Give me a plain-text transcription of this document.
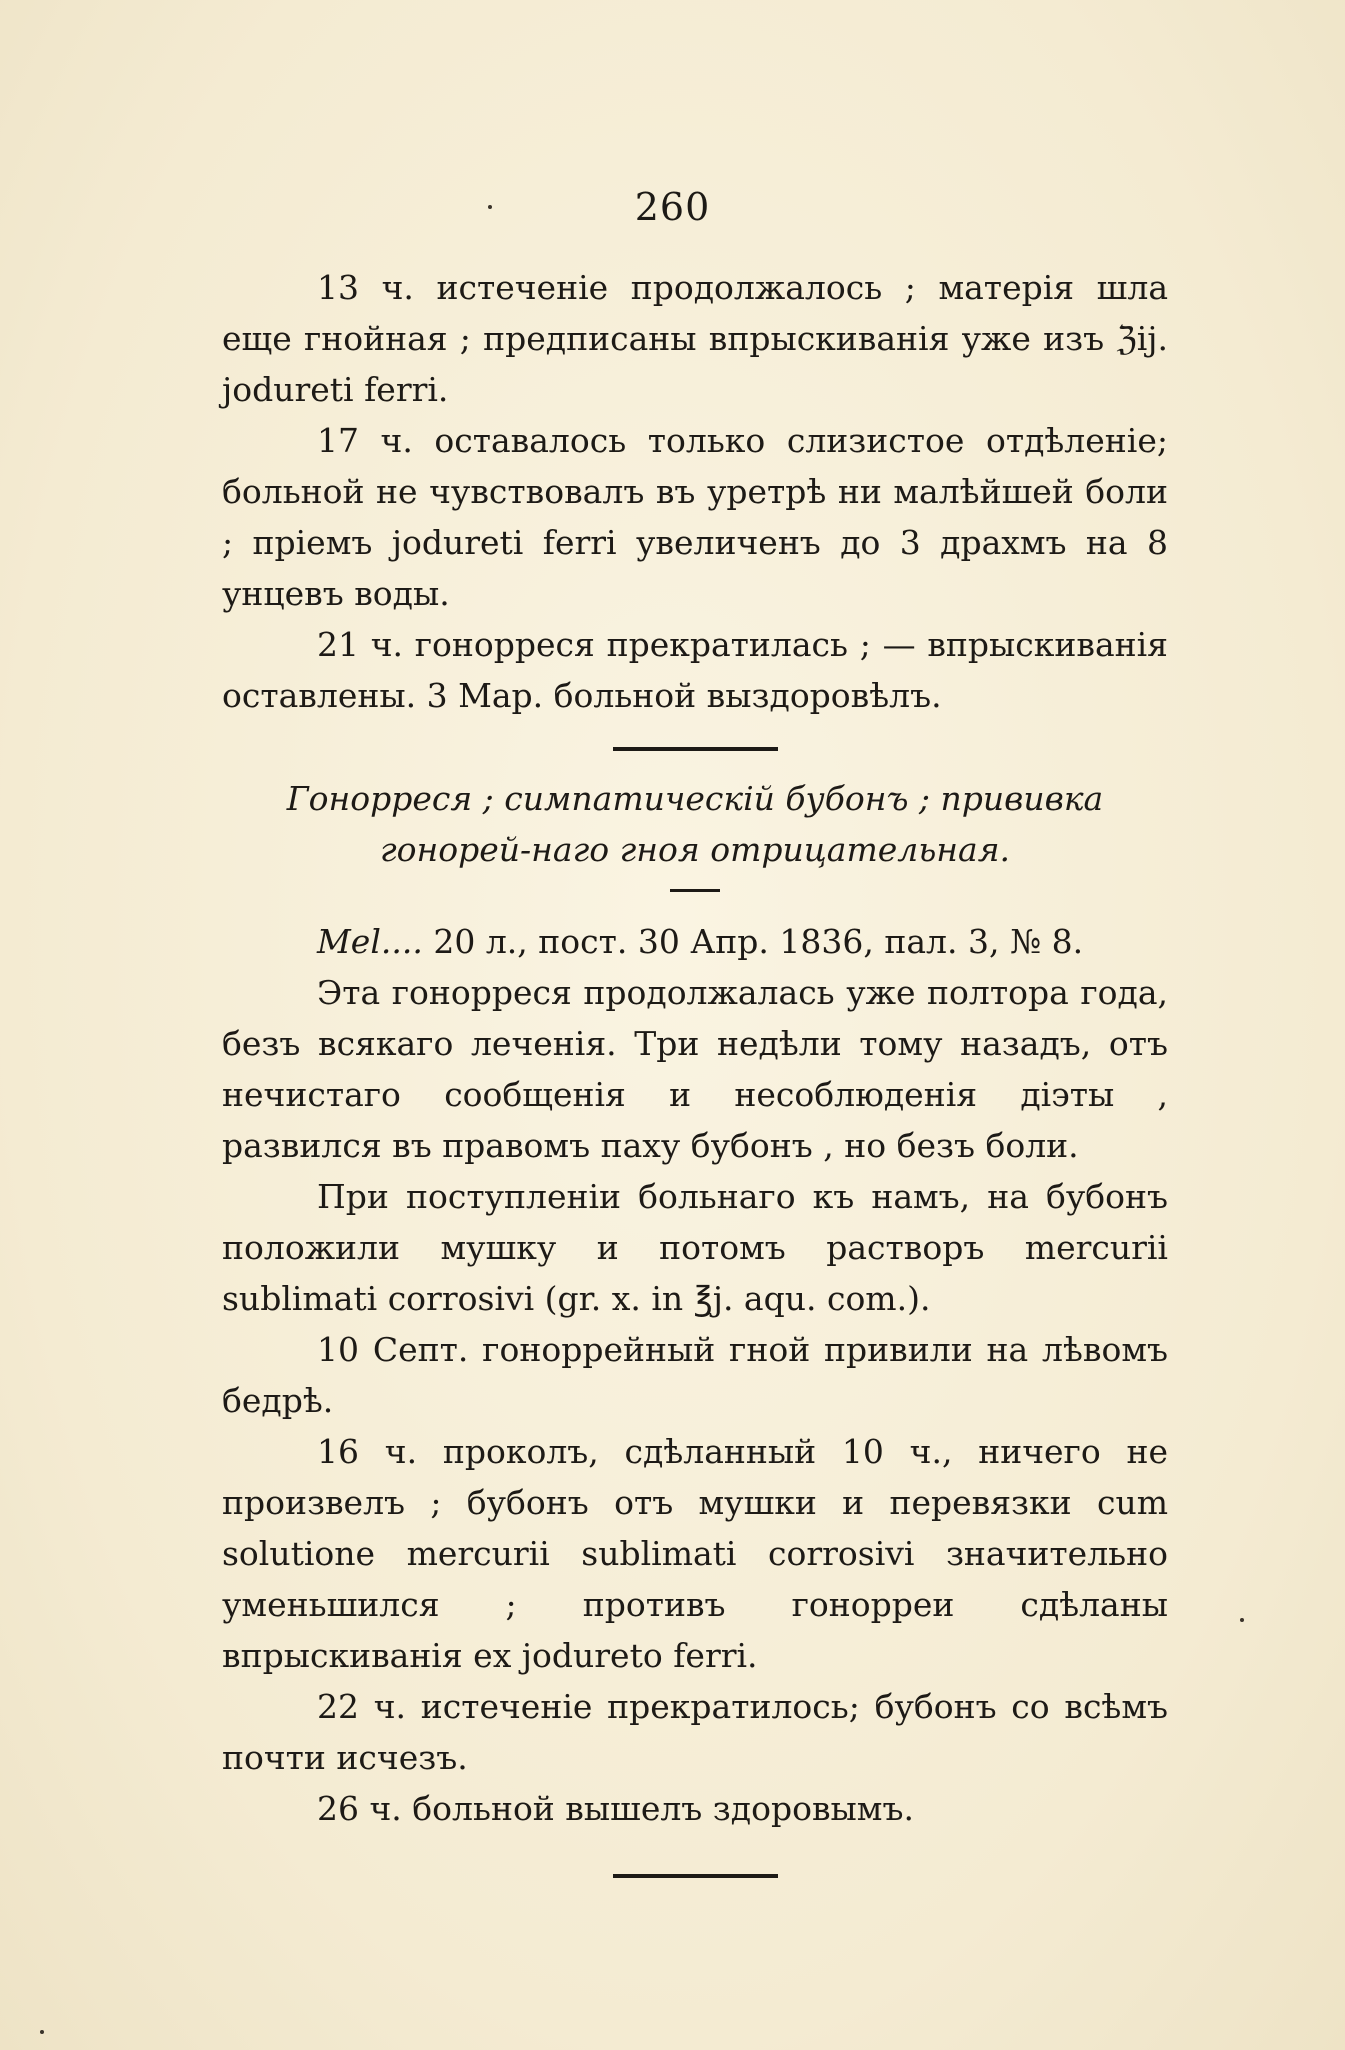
260

13 ч. истеченіе продолжалось ; матерія шла еще гнойная ; предписаны впрыскиванія уже изъ ℨij. jodureti ferri.

17 ч. оставалось только слизистое отдѣленіе; больной не чувствовалъ въ уретрѣ ни малѣйшей боли ; пріемъ jodureti ferri увеличенъ до 3 драхмъ на 8 унцевъ воды.

21 ч. гонорреся прекратилась ; — впрыскиванія оставлены. 3 Мар. больной выздоровѣлъ.

Гонорреся ; симпатическій бубонъ ; прививка гонорей-наго гноя отрицательная.

Mel.... 20 л., пост. 30 Апр. 1836, пал. 3, № 8.

Эта гонорреся продолжалась уже полтора года, безъ всякаго леченія. Три недѣли тому назадъ, отъ нечистаго сообщенія и несоблюденія діэты , развился въ правомъ паху бубонъ , но безъ боли.

При поступленіи больнаго къ намъ, на бубонъ положили мушку и потомъ растворъ mercurii sublimati corrosivi (gr. x. in ℥j. aqu. com.).

10 Септ. гоноррейный гной привили на лѣвомъ бедрѣ.

16 ч. проколъ, сдѣланный 10 ч., ничего не произвелъ ; бубонъ отъ мушки и перевязки cum solutione mercurii sublimati corrosivi значительно уменьшился ; противъ гонорреи сдѣланы впрыскиванія ex jodureto ferri.

22 ч. истеченіе прекратилось; бубонъ со всѣмъ почти исчезъ.

26 ч. больной вышелъ здоровымъ.
